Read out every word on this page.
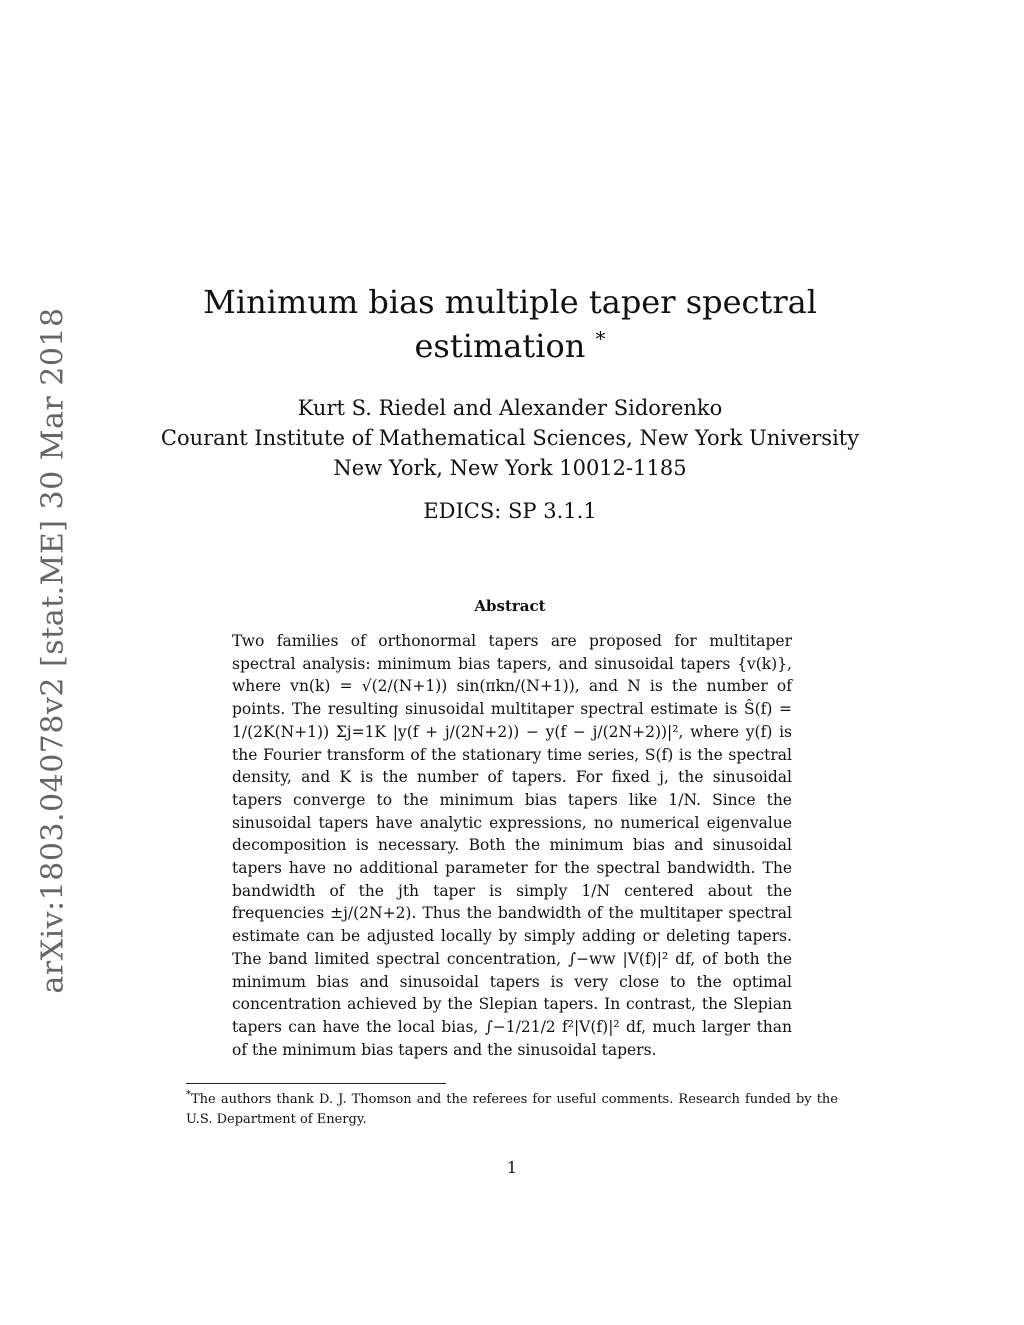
arXiv:1803.04078v2 [stat.ME] 30 Mar 2018
Minimum bias multiple taper spectral
estimation *
Kurt S. Riedel and Alexander Sidorenko
Courant Institute of Mathematical Sciences, New York University
New York, New York 10012-1185
EDICS: SP 3.1.1
Abstract

Two families of orthonormal tapers are proposed for multitaper spectral analysis: minimum bias tapers, and sinusoidal tapers {v(k)}, where vn(k) = √(2/(N+1)) sin(πkn/(N+1)), and N is the number of points. The resulting sinusoidal multitaper spectral estimate is Ŝ(f) = 1/(2K(N+1)) Σj=1K |y(f + j/(2N+2)) − y(f − j/(2N+2))|², where y(f) is the Fourier transform of the stationary time series, S(f) is the spectral density, and K is the number of tapers. For fixed j, the sinusoidal tapers converge to the minimum bias tapers like 1/N. Since the sinusoidal tapers have analytic expressions, no numerical eigenvalue decomposition is necessary. Both the minimum bias and sinusoidal tapers have no additional parameter for the spectral bandwidth. The bandwidth of the jth taper is simply 1/N centered about the frequencies ±j/(2N+2). Thus the bandwidth of the multitaper spectral estimate can be adjusted locally by simply adding or deleting tapers. The band limited spectral concentration, ∫−ww |V(f)|² df, of both the minimum bias and sinusoidal tapers is very close to the optimal concentration achieved by the Slepian tapers. In contrast, the Slepian tapers can have the local bias, ∫−1/21/2 f²|V(f)|² df, much larger than of the minimum bias tapers and the sinusoidal tapers.

*The authors thank D. J. Thomson and the referees for useful comments. Research funded by the U.S. Department of Energy.

1
